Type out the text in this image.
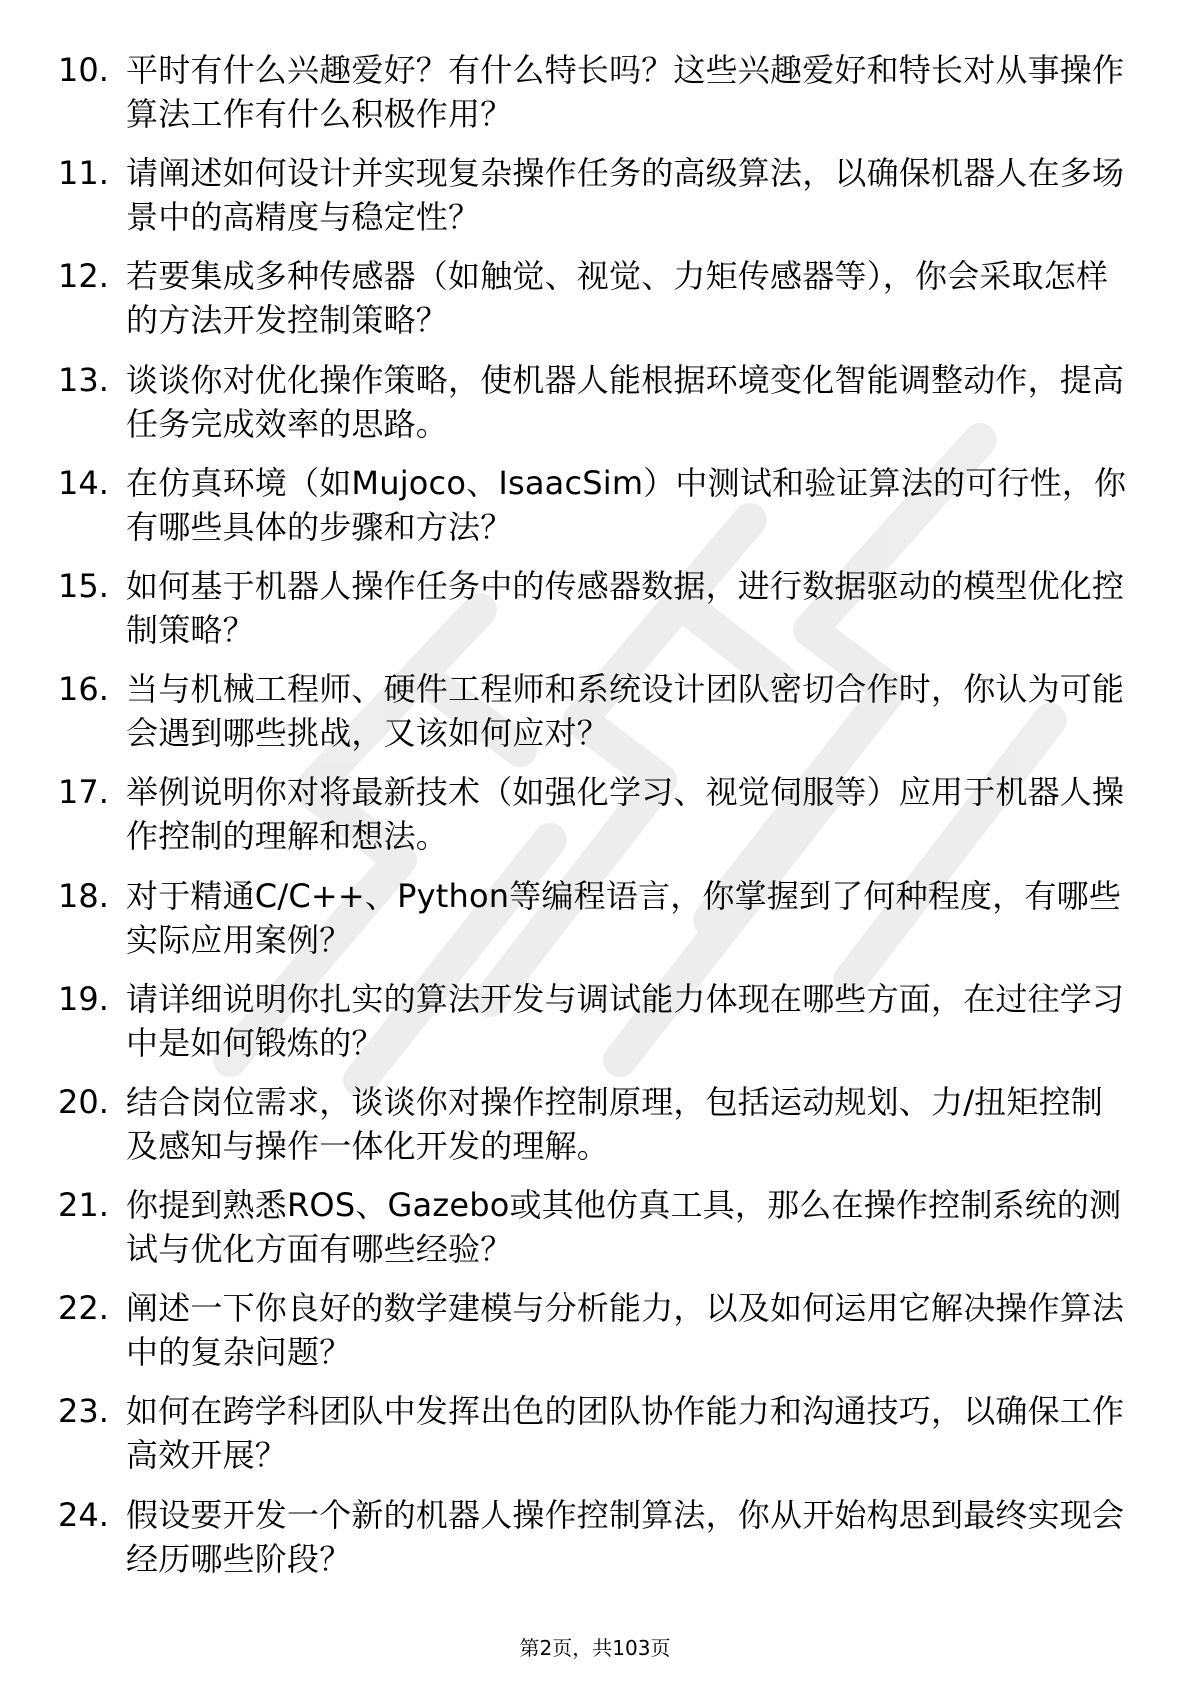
10. 平时有什么兴趣爱好？有什么特长吗？这些兴趣爱好和特长对从事操作算法工作有什么积极作用？
11. 请阐述如何设计并实现复杂操作任务的高级算法，以确保机器人在多场景中的高精度与稳定性？
12. 若要集成多种传感器（如触觉、视觉、力矩传感器等），你会采取怎样的方法开发控制策略？
13. 谈谈你对优化操作策略，使机器人能根据环境变化智能调整动作，提高任务完成效率的思路。
14. 在仿真环境（如Mujoco、IsaacSim）中测试和验证算法的可行性，你有哪些具体的步骤和方法？
15. 如何基于机器人操作任务中的传感器数据，进行数据驱动的模型优化控制策略？
16. 当与机械工程师、硬件工程师和系统设计团队密切合作时，你认为可能会遇到哪些挑战，又该如何应对？
17. 举例说明你对将最新技术（如强化学习、视觉伺服等）应用于机器人操作控制的理解和想法。
18. 对于精通C/C++、Python等编程语言，你掌握到了何种程度，有哪些实际应用案例？
19. 请详细说明你扎实的算法开发与调试能力体现在哪些方面，在过往学习中是如何锻炼的？
20. 结合岗位需求，谈谈你对操作控制原理，包括运动规划、力/扭矩控制及感知与操作一体化开发的理解。
21. 你提到熟悉ROS、Gazebo或其他仿真工具，那么在操作控制系统的测试与优化方面有哪些经验？
22. 阐述一下你良好的数学建模与分析能力，以及如何运用它解决操作算法中的复杂问题？
23. 如何在跨学科团队中发挥出色的团队协作能力和沟通技巧，以确保工作高效开展？
24. 假设要开发一个新的机器人操作控制算法，你从开始构思到最终实现会经历哪些阶段？
第2页，共103页
